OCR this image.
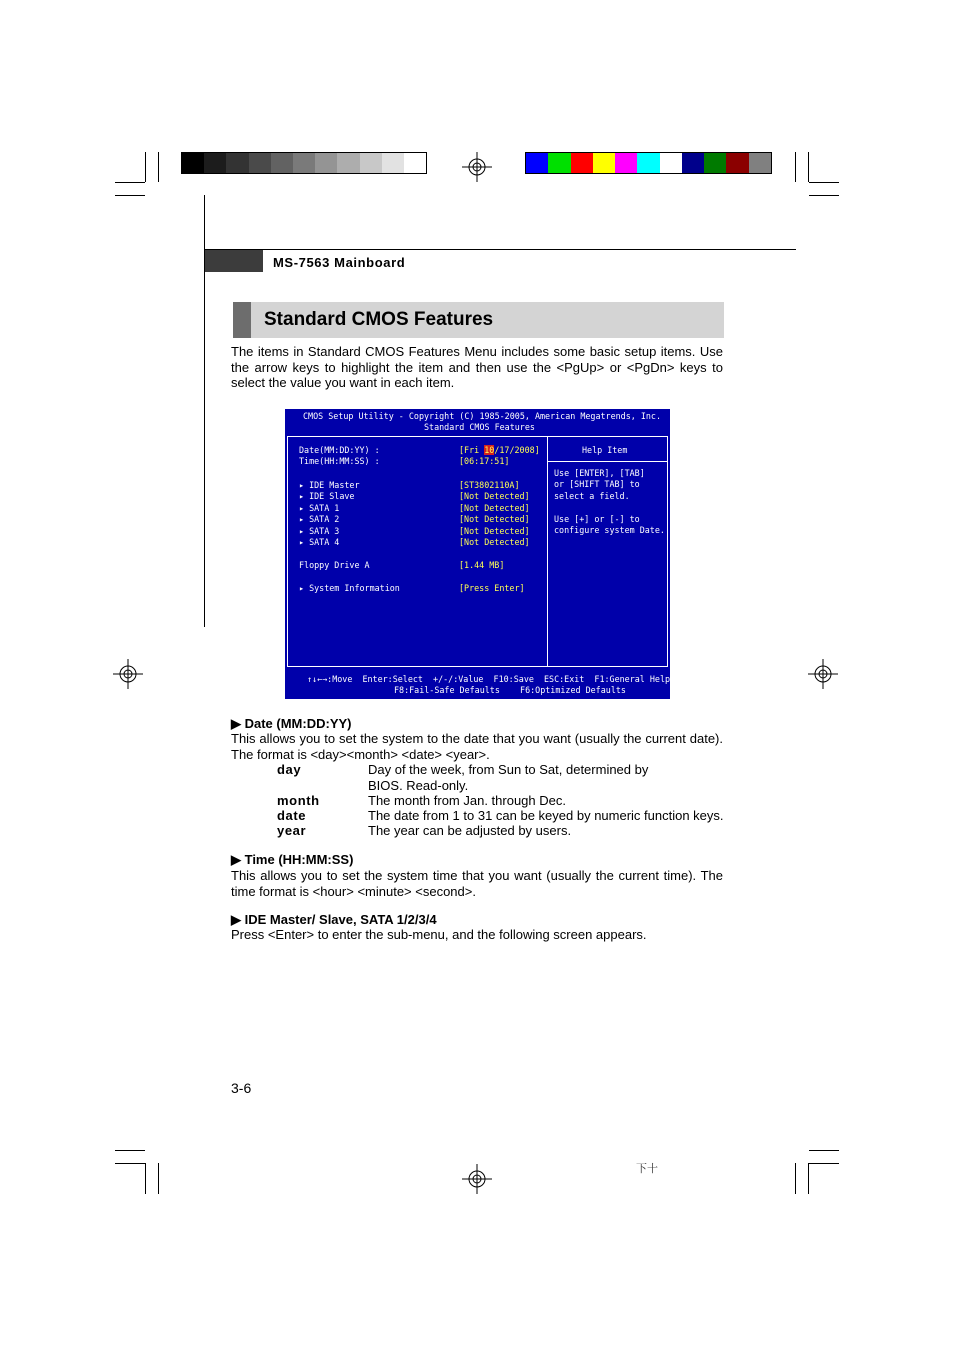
MS-7563 Mainboard
Standard CMOS Features
The items in Standard CMOS Features Menu includes some basic setup items. Use the arrow keys to highlight the item and then use the <PgUp> or <PgDn> keys to select the value you want in each item.
CMOS Setup Utility - Copyright (C) 1985-2005, American Megatrends, Inc.
Standard CMOS Features
Date(MM:DD:YY) :	[Fri 10/17/2008]
Time(HH:MM:SS) :	[06:17:51]
▸ IDE Master	[ST3802110A]
▸ IDE Slave	[Not Detected]
▸ SATA 1	[Not Detected]
▸ SATA 2	[Not Detected]
▸ SATA 3	[Not Detected]
▸ SATA 4	[Not Detected]
Floppy Drive A	[1.44 MB]
▸ System Information	[Press Enter]
Help Item
Use [ENTER], [TAB]
or [SHIFT TAB] to
select a field.
Use [+] or [-] to
configure system Date.
↑↓←→:Move  Enter:Select  +/-/:Value  F10:Save  ESC:Exit  F1:General Help
F8:Fail-Safe Defaults    F6:Optimized Defaults
▶ Date (MM:DD:YY)
This allows you to set the system to the date that you want (usually the current date). The format is <day><month> <date> <year>.
day	Day of the week, from Sun to Sat, determined by BIOS. Read-only.
month	The month from Jan. through Dec.
date	The date from 1 to 31 can be keyed by numeric function keys.
year	The year can be adjusted by users.
▶ Time (HH:MM:SS)
This allows you to set the system time that you want (usually the current time). The time format is <hour> <minute> <second>.
▶ IDE Master/ Slave, SATA 1/2/3/4
Press <Enter> to enter the sub-menu, and the following screen appears.
3-6
下十
